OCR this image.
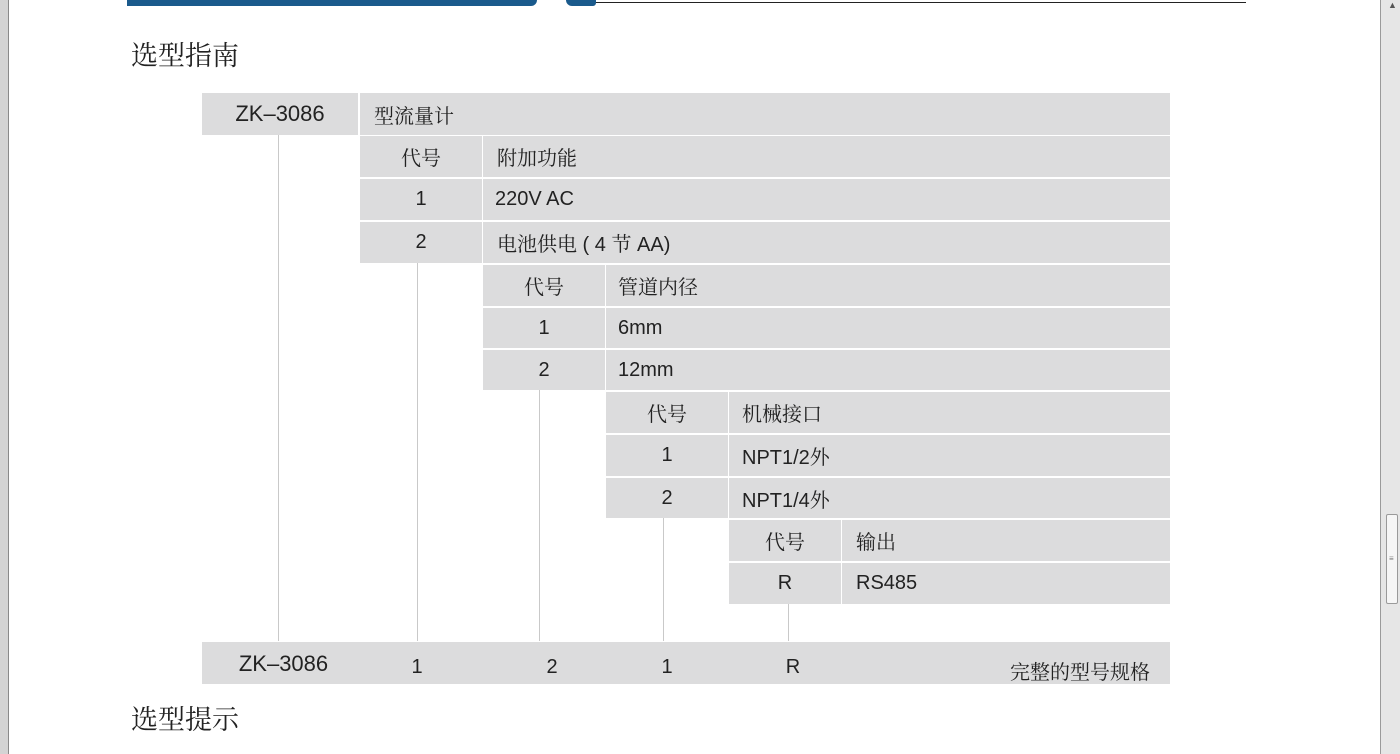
▲
≡
选型指南
选型提示
ZK–3086	型流量计
代号	附加功能
1	220V AC
2	电池供电 ( 4 节 AA)
代号	管道内径
1	6mm
2	12mm
代号	机械接口
1	NPT1/2外
2	NPT1/4外
代号	输出
R	RS485
ZK–3086	1	2	1	R	完整的型号规格
